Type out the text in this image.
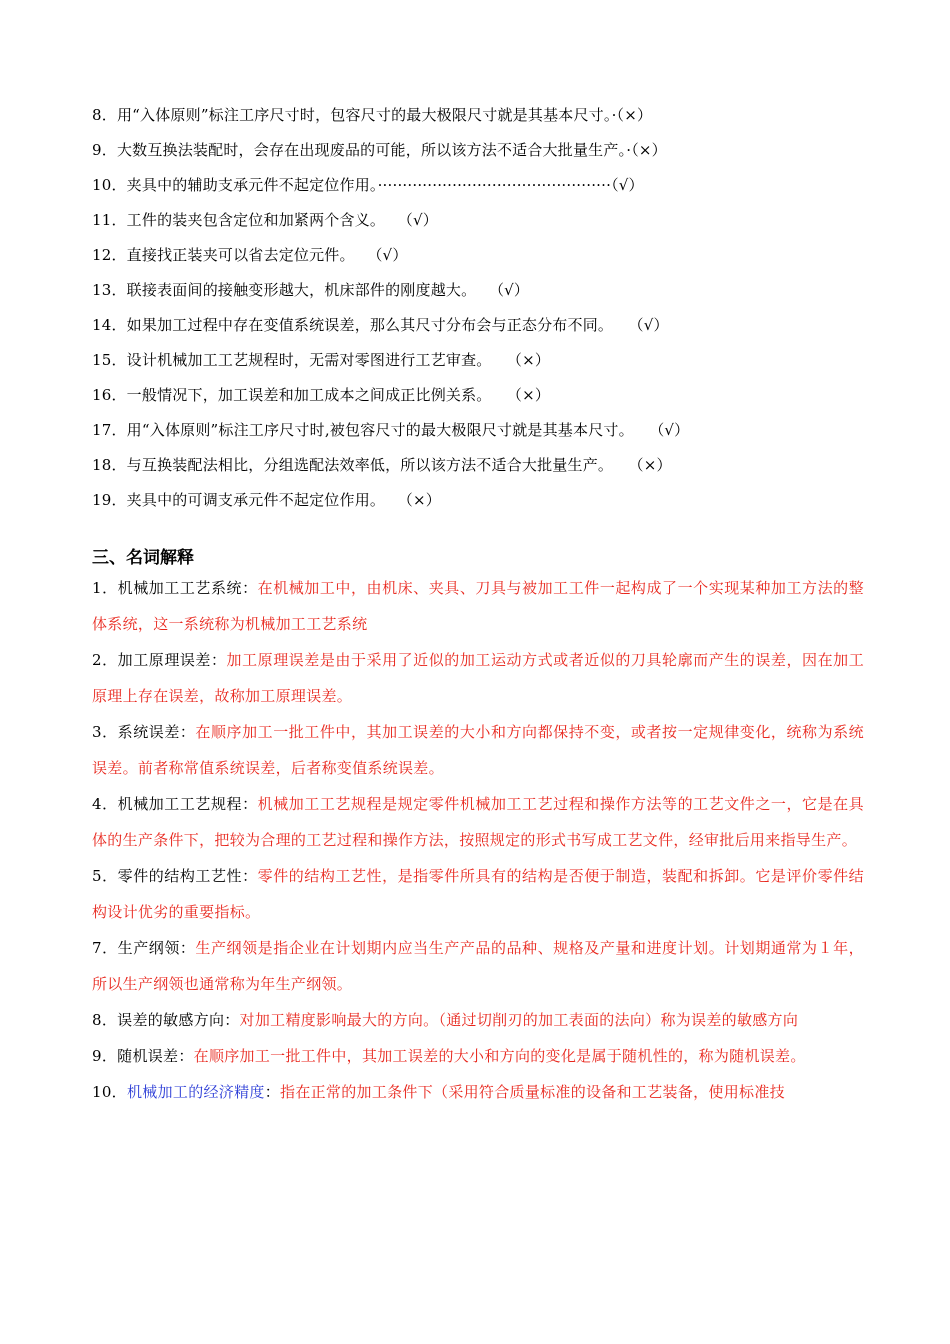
8．用“入体原则”标注工序尺寸时，包容尺寸的最大极限尺寸就是其基本尺寸。·（×）
9．大数互换法装配时，会存在出现废品的可能，所以该方法不适合大批量生产。·（×）
10．夹具中的辅助支承元件不起定位作用。···············································（√）
11．工件的装夹包含定位和加紧两个含义。　 （√）
12．直接找正装夹可以省去定位元件。　 （√）
13．联接表面间的接触变形越大，机床部件的刚度越大。　 （√）
14．如果加工过程中存在变值系统误差，那么其尺寸分布会与正态分布不同。　　（√）
15．设计机械加工工艺规程时，无需对零图进行工艺审查。　　（×）
16．一般情况下，加工误差和加工成本之间成正比例关系。　　（×）
17．用“入体原则”标注工序尺寸时,被包容尺寸的最大极限尺寸就是其基本尺寸。　　（√）
18．与互换装配法相比，分组选配法效率低，所以该方法不适合大批量生产。　　（×）
19．夹具中的可调支承元件不起定位作用。　 （×）
三、名词解释

1．机械加工工艺系统：在机械加工中，由机床、夹具、刀具与被加工工件一起构成了一个实现某种加工方法的整体系统，这一系统称为机械加工工艺系统

2．加工原理误差：加工原理误差是由于采用了近似的加工运动方式或者近似的刀具轮廓而产生的误差，因在加工原理上存在误差，故称加工原理误差。

3．系统误差：在顺序加工一批工件中，其加工误差的大小和方向都保持不变，或者按一定规律变化，统称为系统误差。前者称常值系统误差，后者称变值系统误差。

4．机械加工工艺规程：机械加工工艺规程是规定零件机械加工工艺过程和操作方法等的工艺文件之一，它是在具体的生产条件下，把较为合理的工艺过程和操作方法，按照规定的形式书写成工艺文件，经审批后用来指导生产。

5．零件的结构工艺性：零件的结构工艺性，是指零件所具有的结构是否便于制造，装配和拆卸。它是评价零件结构设计优劣的重要指标。

7．生产纲领：生产纲领是指企业在计划期内应当生产产品的品种、规格及产量和进度计划。计划期通常为１年，所以生产纲领也通常称为年生产纲领。

8．误差的敏感方向：对加工精度影响最大的方向。（通过切削刃的加工表面的法向）称为误差的敏感方向

9．随机误差：在顺序加工一批工件中，其加工误差的大小和方向的变化是属于随机性的，称为随机误差。

10．机械加工的经济精度：指在正常的加工条件下（采用符合质量标准的设备和工艺装备，使用标准技
